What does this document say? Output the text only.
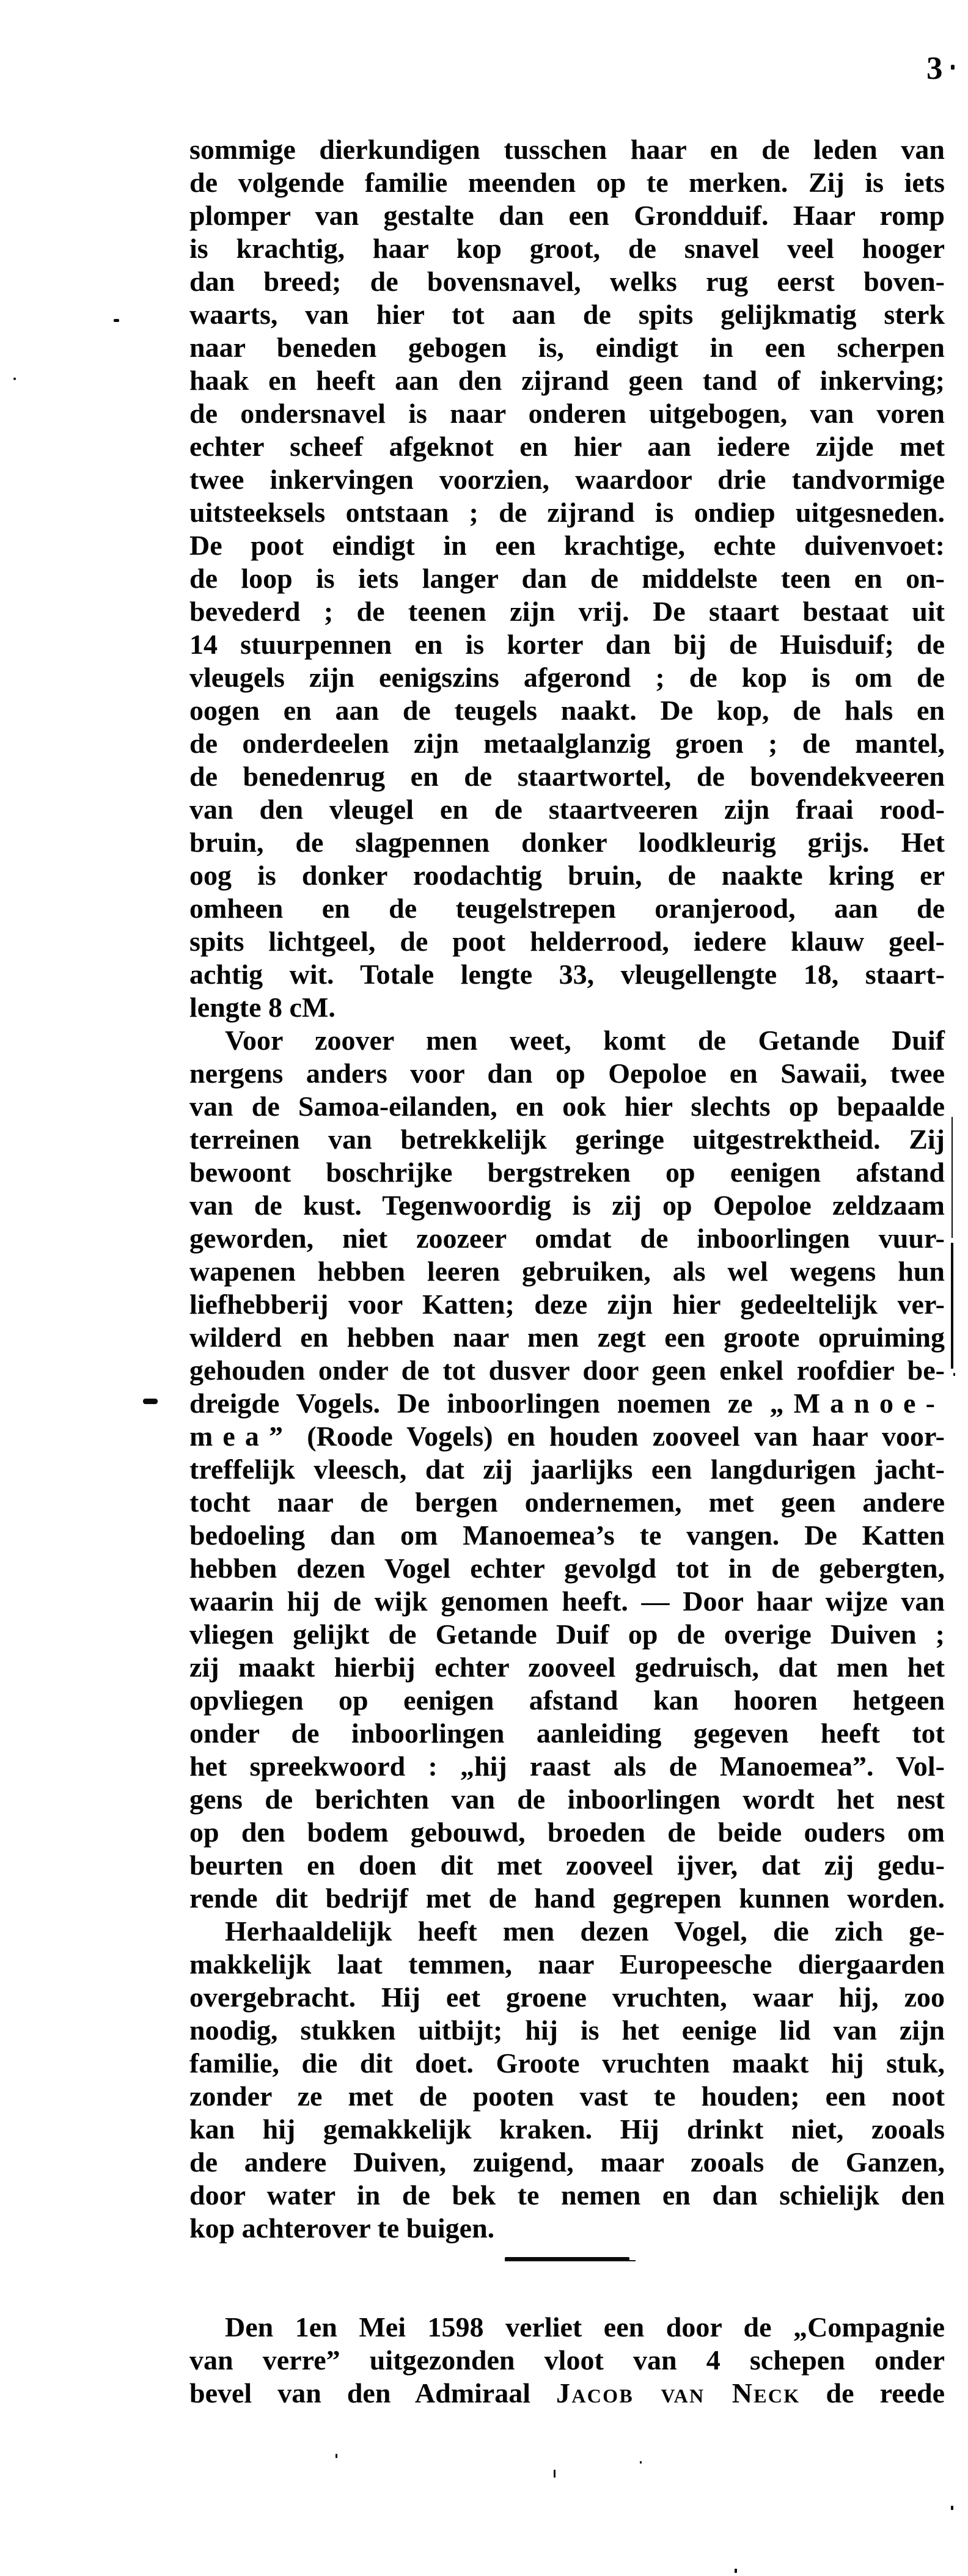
3
sommige dierkundigen tusschen haar en de leden van
de volgende familie meenden op te merken. Zij is iets
plomper van gestalte dan een Grondduif. Haar romp
is krachtig, haar kop groot, de snavel veel hooger
dan breed; de bovensnavel, welks rug eerst boven-
waarts, van hier tot aan de spits gelijkmatig sterk
naar beneden gebogen is, eindigt in een scherpen
haak en heeft aan den zijrand geen tand of inkerving;
de ondersnavel is naar onderen uitgebogen, van voren
echter scheef afgeknot en hier aan iedere zijde met
twee inkervingen voorzien, waardoor drie tandvormige
uitsteeksels ontstaan ; de zijrand is ondiep uitgesneden.
De poot eindigt in een krachtige, echte duivenvoet:
de loop is iets langer dan de middelste teen en on-
bevederd ; de teenen zijn vrij. De staart bestaat uit
14 stuurpennen en is korter dan bij de Huisduif; de
vleugels zijn eenigszins afgerond ; de kop is om de
oogen en aan de teugels naakt. De kop, de hals en
de onderdeelen zijn metaalglanzig groen ; de mantel,
de benedenrug en de staartwortel, de bovendekveeren
van den vleugel en de staartveeren zijn fraai rood-
bruin, de slagpennen donker loodkleurig grijs. Het
oog is donker roodachtig bruin, de naakte kring er
omheen en de teugelstrepen oranjerood, aan de
spits lichtgeel, de poot helderrood, iedere klauw geel-
achtig wit. Totale lengte 33, vleugellengte 18, staart-
lengte 8 cM.
Voor zoover men weet, komt de Getande Duif
nergens anders voor dan op Oepoloe en Sawaii, twee
van de Samoa-eilanden, en ook hier slechts op bepaalde
terreinen van betrekkelijk geringe uitgestrektheid. Zij
bewoont boschrijke bergstreken op eenigen afstand
van de kust. Tegenwoordig is zij op Oepoloe zeldzaam
geworden, niet zoozeer omdat de inboorlingen vuur-
wapenen hebben leeren gebruiken, als wel wegens hun
liefhebberij voor Katten; deze zijn hier gedeeltelijk ver-
wilderd en hebben naar men zegt een groote opruiming
gehouden onder de tot dusver door geen enkel roofdier be-
dreigde Vogels. De inboorlingen noemen ze „Manoe-
mea” (Roode Vogels) en houden zooveel van haar voor-
treffelijk vleesch, dat zij jaarlijks een langdurigen jacht-
tocht naar de bergen ondernemen, met geen andere
bedoeling dan om Manoemea’s te vangen. De Katten
hebben dezen Vogel echter gevolgd tot in de gebergten,
waarin hij de wijk genomen heeft. — Door haar wijze van
vliegen gelijkt de Getande Duif op de overige Duiven ;
zij maakt hierbij echter zooveel gedruisch, dat men het
opvliegen op eenigen afstand kan hooren hetgeen
onder de inboorlingen aanleiding gegeven heeft tot
het spreekwoord : „hij raast als de Manoemea”. Vol-
gens de berichten van de inboorlingen wordt het nest
op den bodem gebouwd, broeden de beide ouders om
beurten en doen dit met zooveel ijver, dat zij gedu-
rende dit bedrijf met de hand gegrepen kunnen worden.
Herhaaldelijk heeft men dezen Vogel, die zich ge-
makkelijk laat temmen, naar Europeesche diergaarden
overgebracht. Hij eet groene vruchten, waar hij, zoo
noodig, stukken uitbijt; hij is het eenige lid van zijn
familie, die dit doet. Groote vruchten maakt hij stuk,
zonder ze met de pooten vast te houden; een noot
kan hij gemakkelijk kraken. Hij drinkt niet, zooals
de andere Duiven, zuigend, maar zooals de Ganzen,
door water in de bek te nemen en dan schielijk den
kop achterover te buigen.
Den 1en Mei 1598 verliet een door de „Compagnie
van verre” uitgezonden vloot van 4 schepen onder
bevel van den Admiraal Jacob van Neck de reede
